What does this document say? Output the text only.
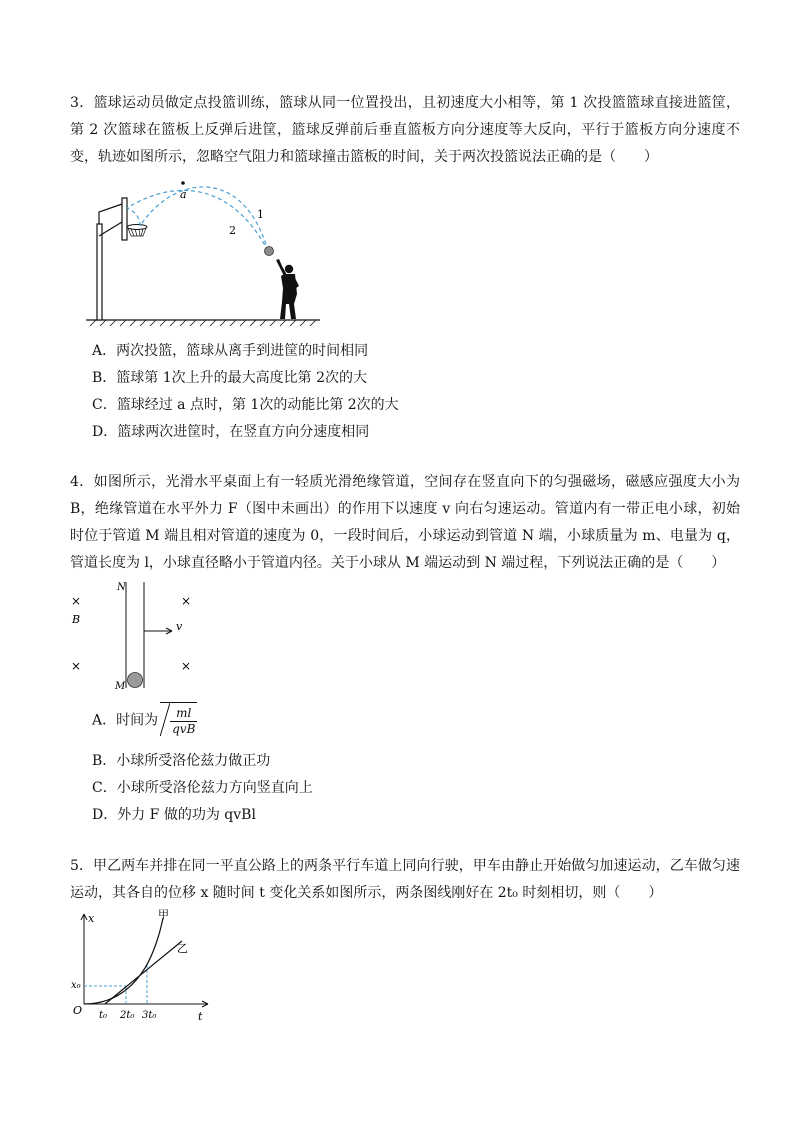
3．篮球运动员做定点投篮训练，篮球从同一位置投出，且初速度大小相等，第 1 次投篮篮球直接进篮筐，第 2 次篮球在篮板上反弹后进筐，篮球反弹前后垂直篮板方向分速度等大反向，平行于篮板方向分速度不变，轨迹如图所示，忽略空气阻力和篮球撞击篮板的时间，关于两次投篮说法正确的是（　　）
a
1
2
A．两次投篮，篮球从离手到进筐的时间相同
B．篮球第 1次上升的最大高度比第 2次的大
C．篮球经过 a 点时，第 1次的动能比第 2次的大
D．篮球两次进筐时，在竖直方向分速度相同
4．如图所示，光滑水平桌面上有一轻质光滑绝缘管道，空间存在竖直向下的匀强磁场，磁感应强度大小为 B，绝缘管道在水平外力 F（图中未画出）的作用下以速度 v 向右匀速运动。管道内有一带正电小球，初始时位于管道 M 端且相对管道的速度为 0，一段时间后，小球运动到管道 N 端，小球质量为 m、电量为 q，管道长度为 l，小球直径略小于管道内径。关于小球从 M 端运动到 N 端过程，下列说法正确的是（　　）
×	×
×	×
B
N
M
v
A．时间为 $\frac{ml}{\text{qvB}}$
B．小球所受洛伦兹力做正功
C．小球所受洛伦兹力方向竖直向上
D．外力 F 做的功为 qvBl
5．甲乙两车并排在同一平直公路上的两条平行车道上同向行驶，甲车由静止开始做匀加速运动，乙车做匀速运动，其各自的位移 x 随时间 t 变化关系如图所示，两条图线刚好在 2t₀ 时刻相切，则（　　）
x
t
O
x₀
t₀ 2t₀ 3t₀
甲
乙
